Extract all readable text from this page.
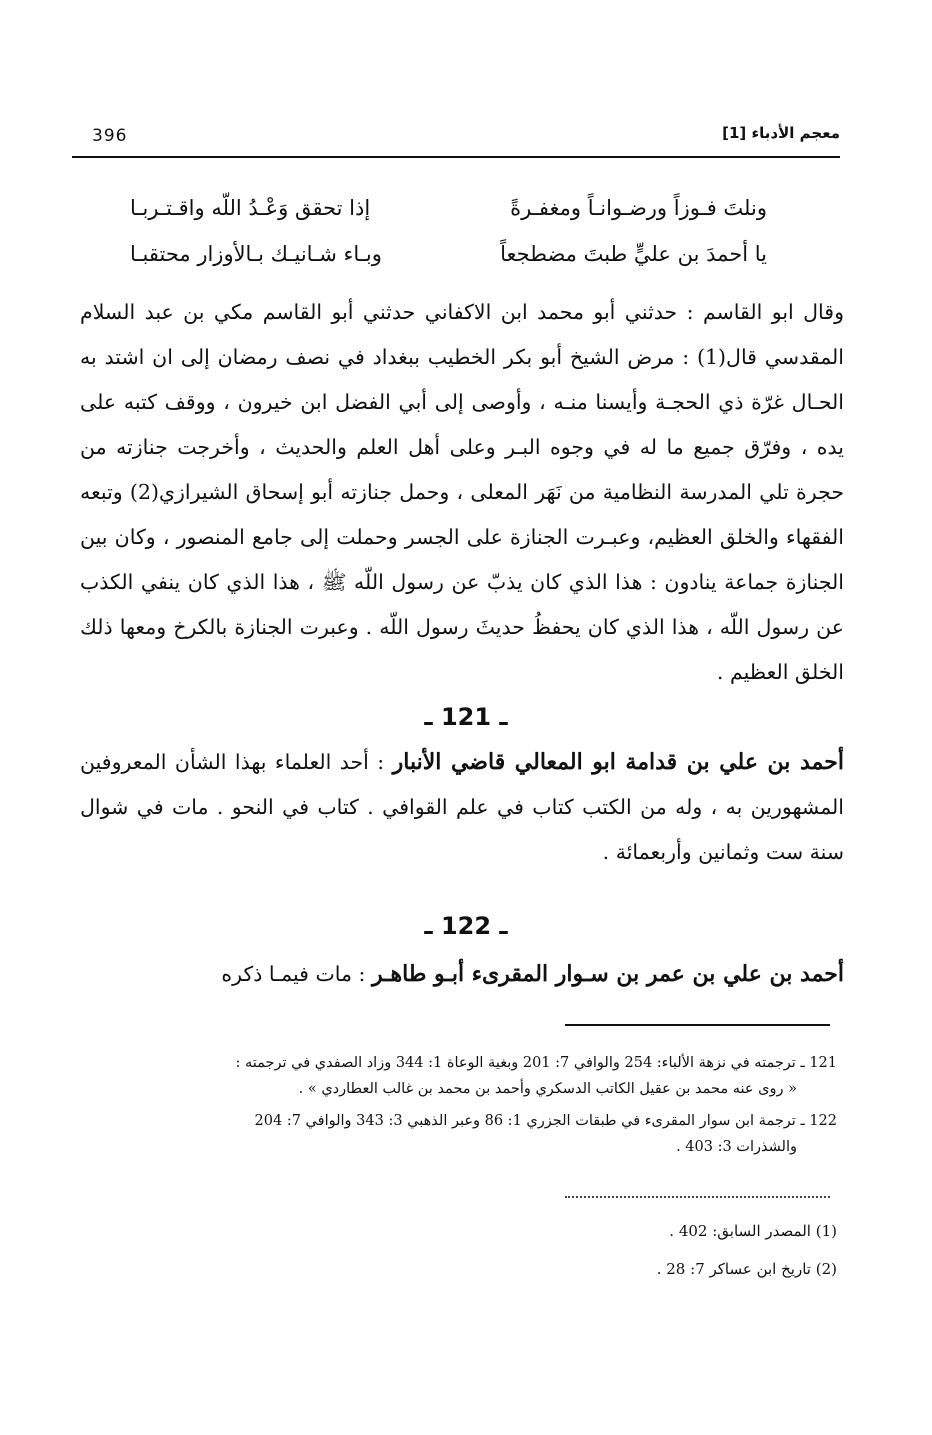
396	معجم الأدباء [1]
ونلتَ فـوزاً ورضـوانـاً ومغفـرةً
إذا تحقق وَعْـدُ اللّه واقـتـربـا
يا أحمدَ بن عليٍّ طبتَ مضطجعاً
وبـاء شـانيـك بـالأوزار محتقبـا
وقال ابو القاسم : حدثني أبو محمد ابن الاكفاني حدثني أبو القاسم مكي بن عبد السلام المقدسي قال(1) : مرض الشيخ أبو بكر الخطيب ببغداد في نصف رمضان إلى ان اشتد به الحـال غرّة ذي الحجـة وأيسنا منـه ، وأوصى إلى أبي الفضل ابن خيرون ، ووقف كتبه على يده ، وفرّق جميع ما له في وجوه البـر وعلى أهل العلم والحديث ، وأخرجت جنازته من حجرة تلي المدرسة النظامية من نَهَر المعلى ، وحمل جنازته أبو إسحاق الشيرازي(2) وتبعه الفقهاء والخلق العظيم، وعبـرت الجنازة على الجسر وحملت إلى جامع المنصور ، وكان بين الجنازة جماعة ينادون : هذا الذي كان يذبّ عن رسول اللّه ﷺ ، هذا الذي كان ينفي الكذب عن رسول اللّه ، هذا الذي كان يحفظُ حديثَ رسول اللّه . وعبرت الجنازة بالكرخ ومعها ذلك الخلق العظيم .
ـ 121 ـ
أحمد بن علي بن قدامة ابو المعالي قاضي الأنبار : أحد العلماء بهذا الشأن المعروفين المشهورين به ، وله من الكتب كتاب في علم القوافي . كتاب في النحو . مات في شوال سنة ست وثمانين وأربعمائة .
ـ 122 ـ
أحمد بن علي بن عمر بن سـوار المقرىء أبـو طاهـر : مات فيمـا ذكره

121 ـ ترجمته في نزهة الألباء: 254 والوافي 7: 201 وبغية الوعاة 1: 344 وزاد الصفدي في ترجمته :

« روى عنه محمد بن عقيل الكاتب الدسكري وأحمد بن محمد بن غالب العطاردي » .

122 ـ ترجمة ابن سوار المقرىء في طبقات الجزري 1: 86 وعبر الذهبي 3: 343 والوافي 7: 204

والشذرات 3: 403 .

(1) المصدر السابق: 402 .
(2) تاريخ ابن عساكر 7: 28 .
